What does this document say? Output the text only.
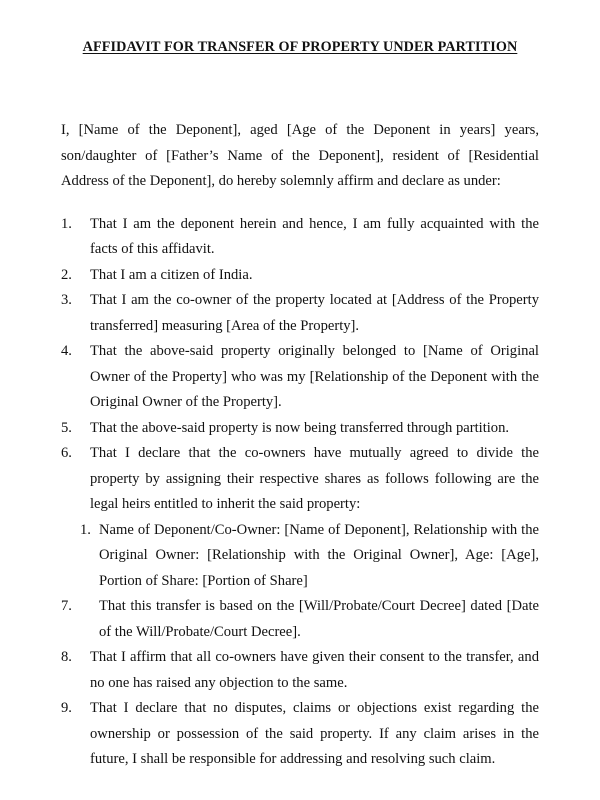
AFFIDAVIT FOR TRANSFER OF PROPERTY UNDER PARTITION

I, [Name of the Deponent], aged [Age of the Deponent in years] years, son/daughter of [Father’s Name of the Deponent], resident of [Residential Address of the Deponent], do hereby solemnly affirm and declare as under:

1. That I am the deponent herein and hence, I am fully acquainted with the facts of this affidavit.
2. That I am a citizen of India.
3. That I am the co-owner of the property located at [Address of the Property transferred] measuring [Area of the Property].
4. That the above-said property originally belonged to [Name of Original Owner of the Property] who was my [Relationship of the Deponent with the Original Owner of the Property].
5. That the above-said property is now being transferred through partition.
6. That I declare that the co-owners have mutually agreed to divide the property by assigning their respective shares as follows following are the legal heirs entitled to inherit the said property:
1. Name of Deponent/Co-Owner: [Name of Deponent], Relationship with the Original Owner: [Relationship with the Original Owner], Age: [Age], Portion of Share: [Portion of Share]
7. That this transfer is based on the [Will/Probate/Court Decree] dated [Date of the Will/Probate/Court Decree].
8. That I affirm that all co-owners have given their consent to the transfer, and no one has raised any objection to the same.
9. That I declare that no disputes, claims or objections exist regarding the ownership or possession of the said property. If any claim arises in the future, I shall be responsible for addressing and resolving such claim.
